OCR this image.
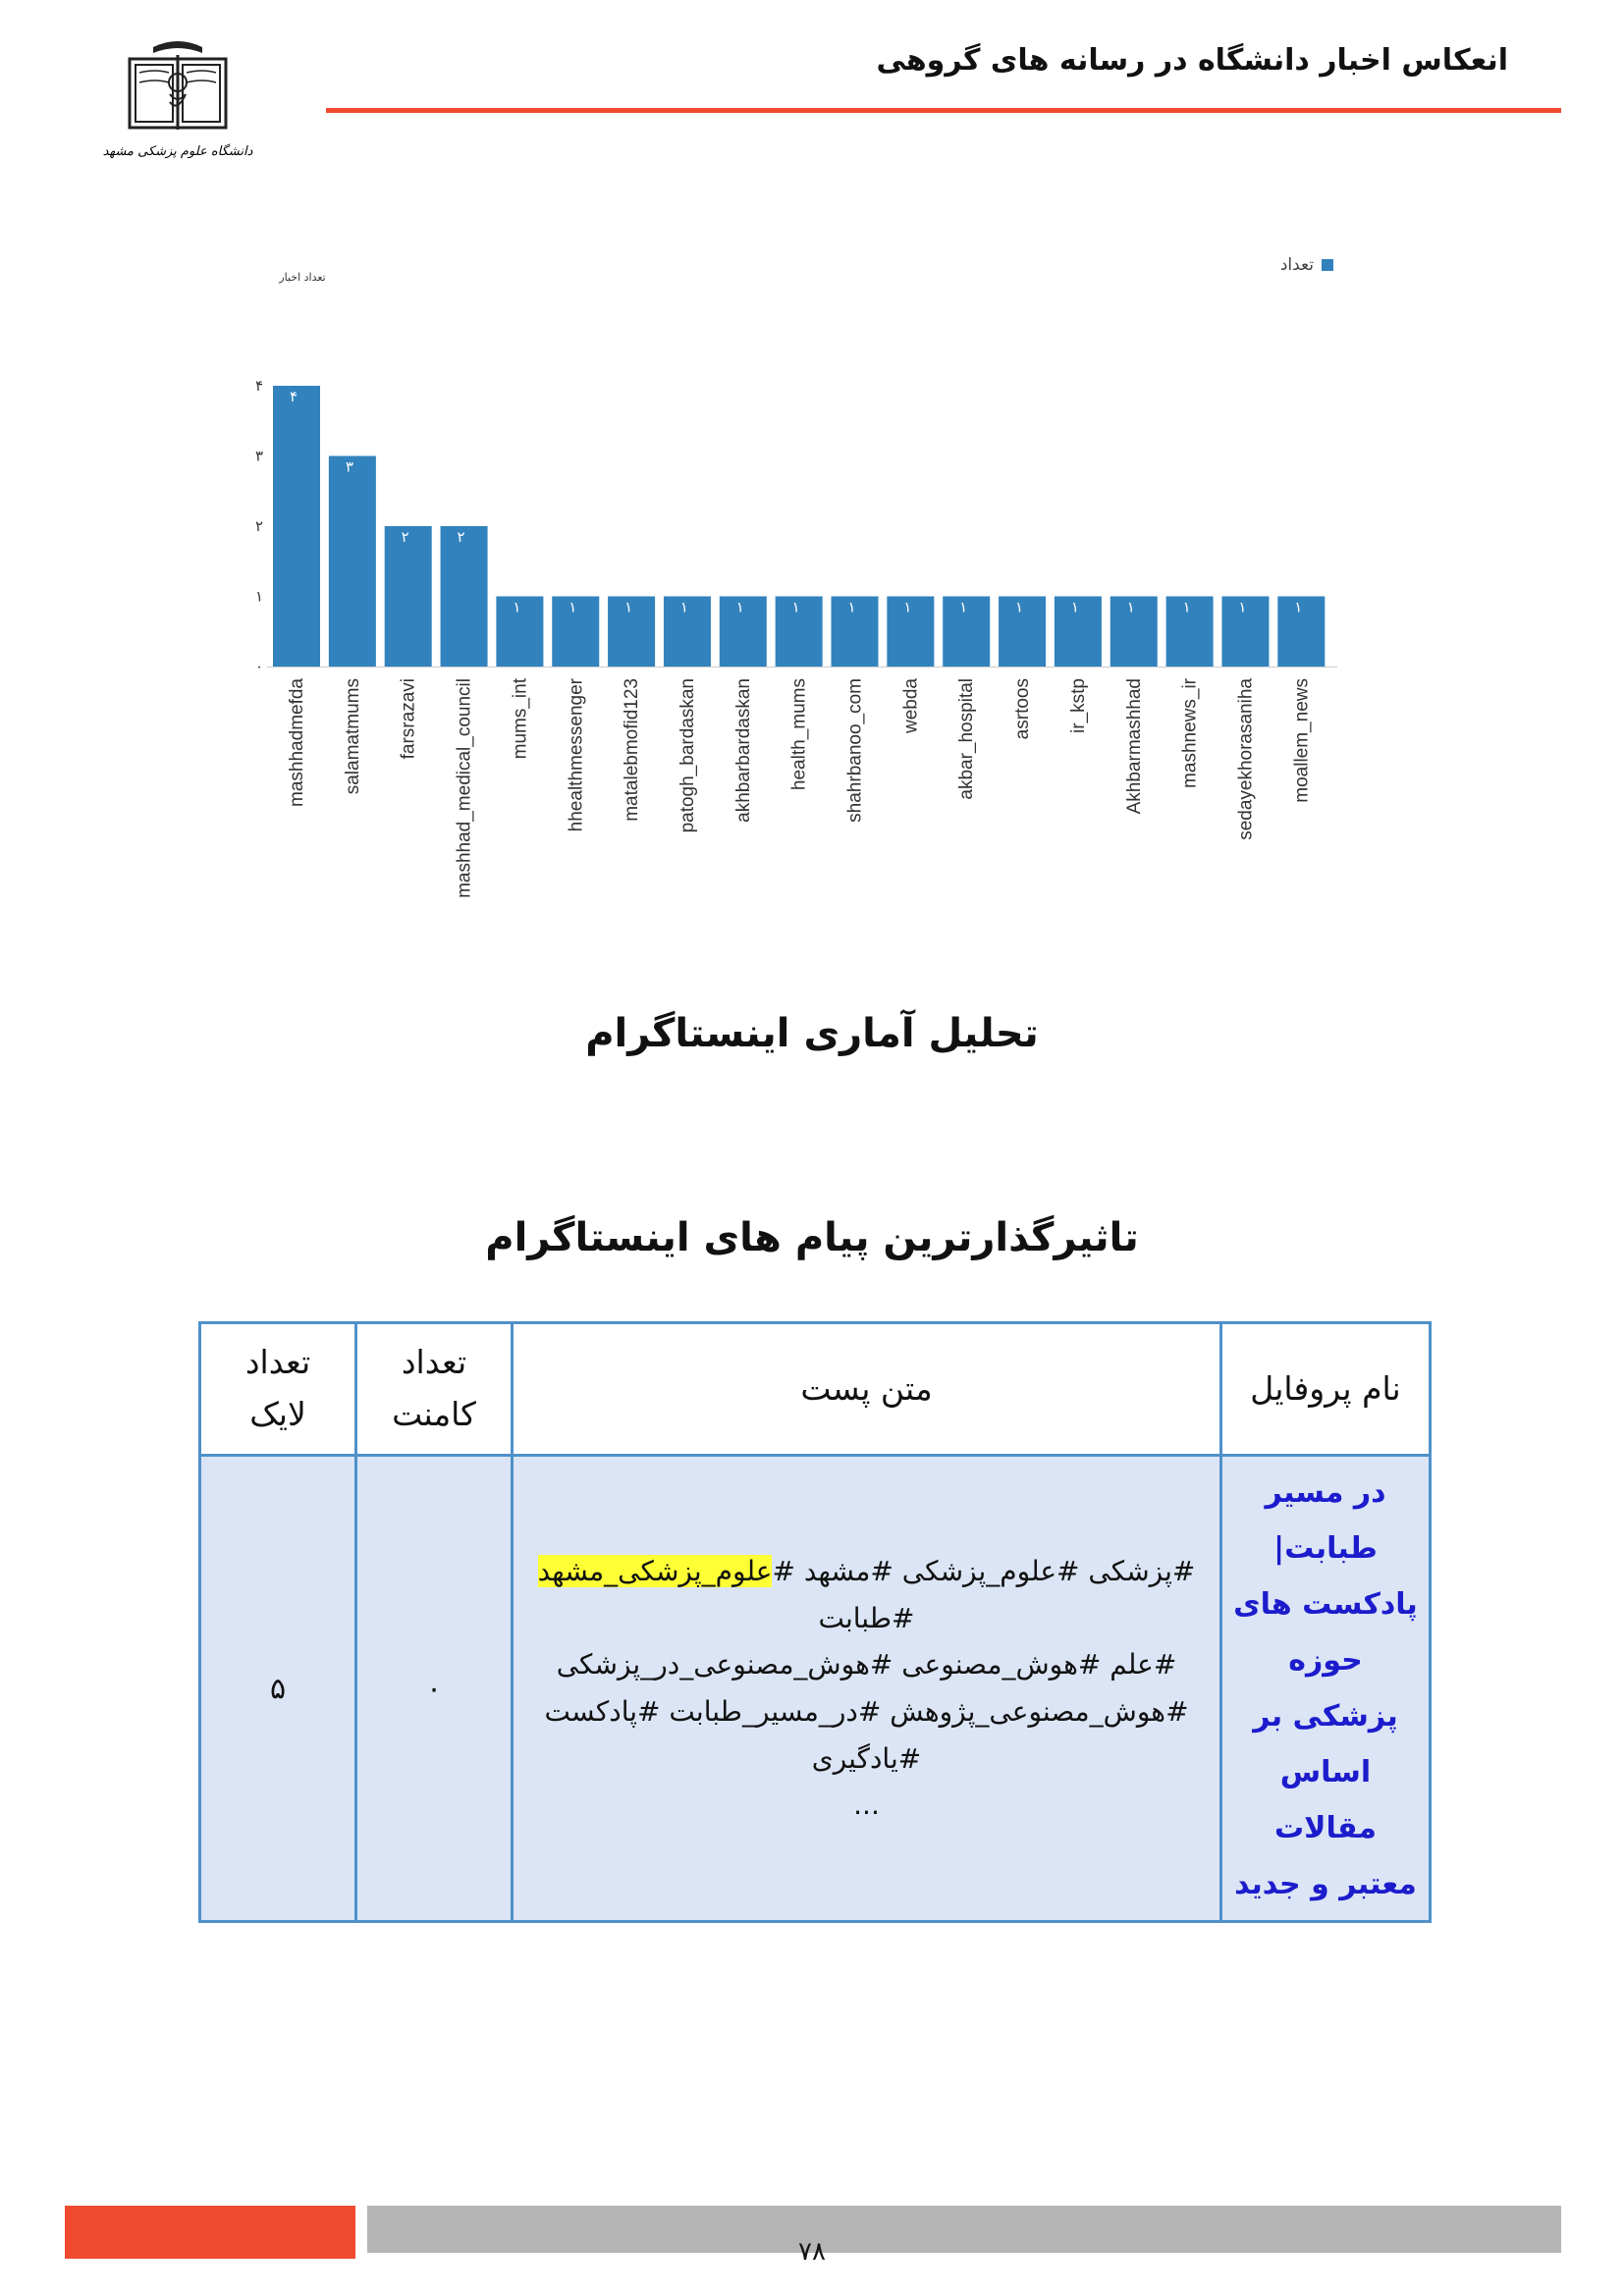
دانشگاه علوم پزشکی مشهد
انعکاس اخبار دانشگاه در رسانه های گروهی
۴
mashhadmefda
۳
salamatmums
۲
farsrazavi
۲
mashhad_medical_council
۱
mums_int
۱
hhealthmessenger
۱
matalebmofid123
۱
patogh_bardaskan
۱
akhbarbardaskan
۱
health_mums
۱
shahrbanoo_com
۱
webda
۱
akbar_hospital
۱
asrtoos
۱
ir_kstp
۱
Akhbarmashhad
۱
mashnews_ir
۱
sedayekhorasaniha
۱
moallem_news
تعداد اخبار
تعداد
۰
۱
۲
۳
۴
تحلیل آماری اینستاگرام
تاثیرگذارترین پیام های اینستاگرام
نام پروفایل	متن پست	تعداد کامنت	تعداد لایک
در مسیر طبابت| پادکست های حوزه پزشکی بر اساس مقالات معتبر و جدید	#پزشکی #علوم_پزشکی #مشهد #علوم_پزشکی_مشهد #طبابت
#علم #هوش_مصنوعی #هوش_مصنوعی_در_پزشکی
#هوش_مصنوعی_پژوهش #در_مسیر_طبابت #پادکست #یادگیری
...	۰	۵
۷۸
